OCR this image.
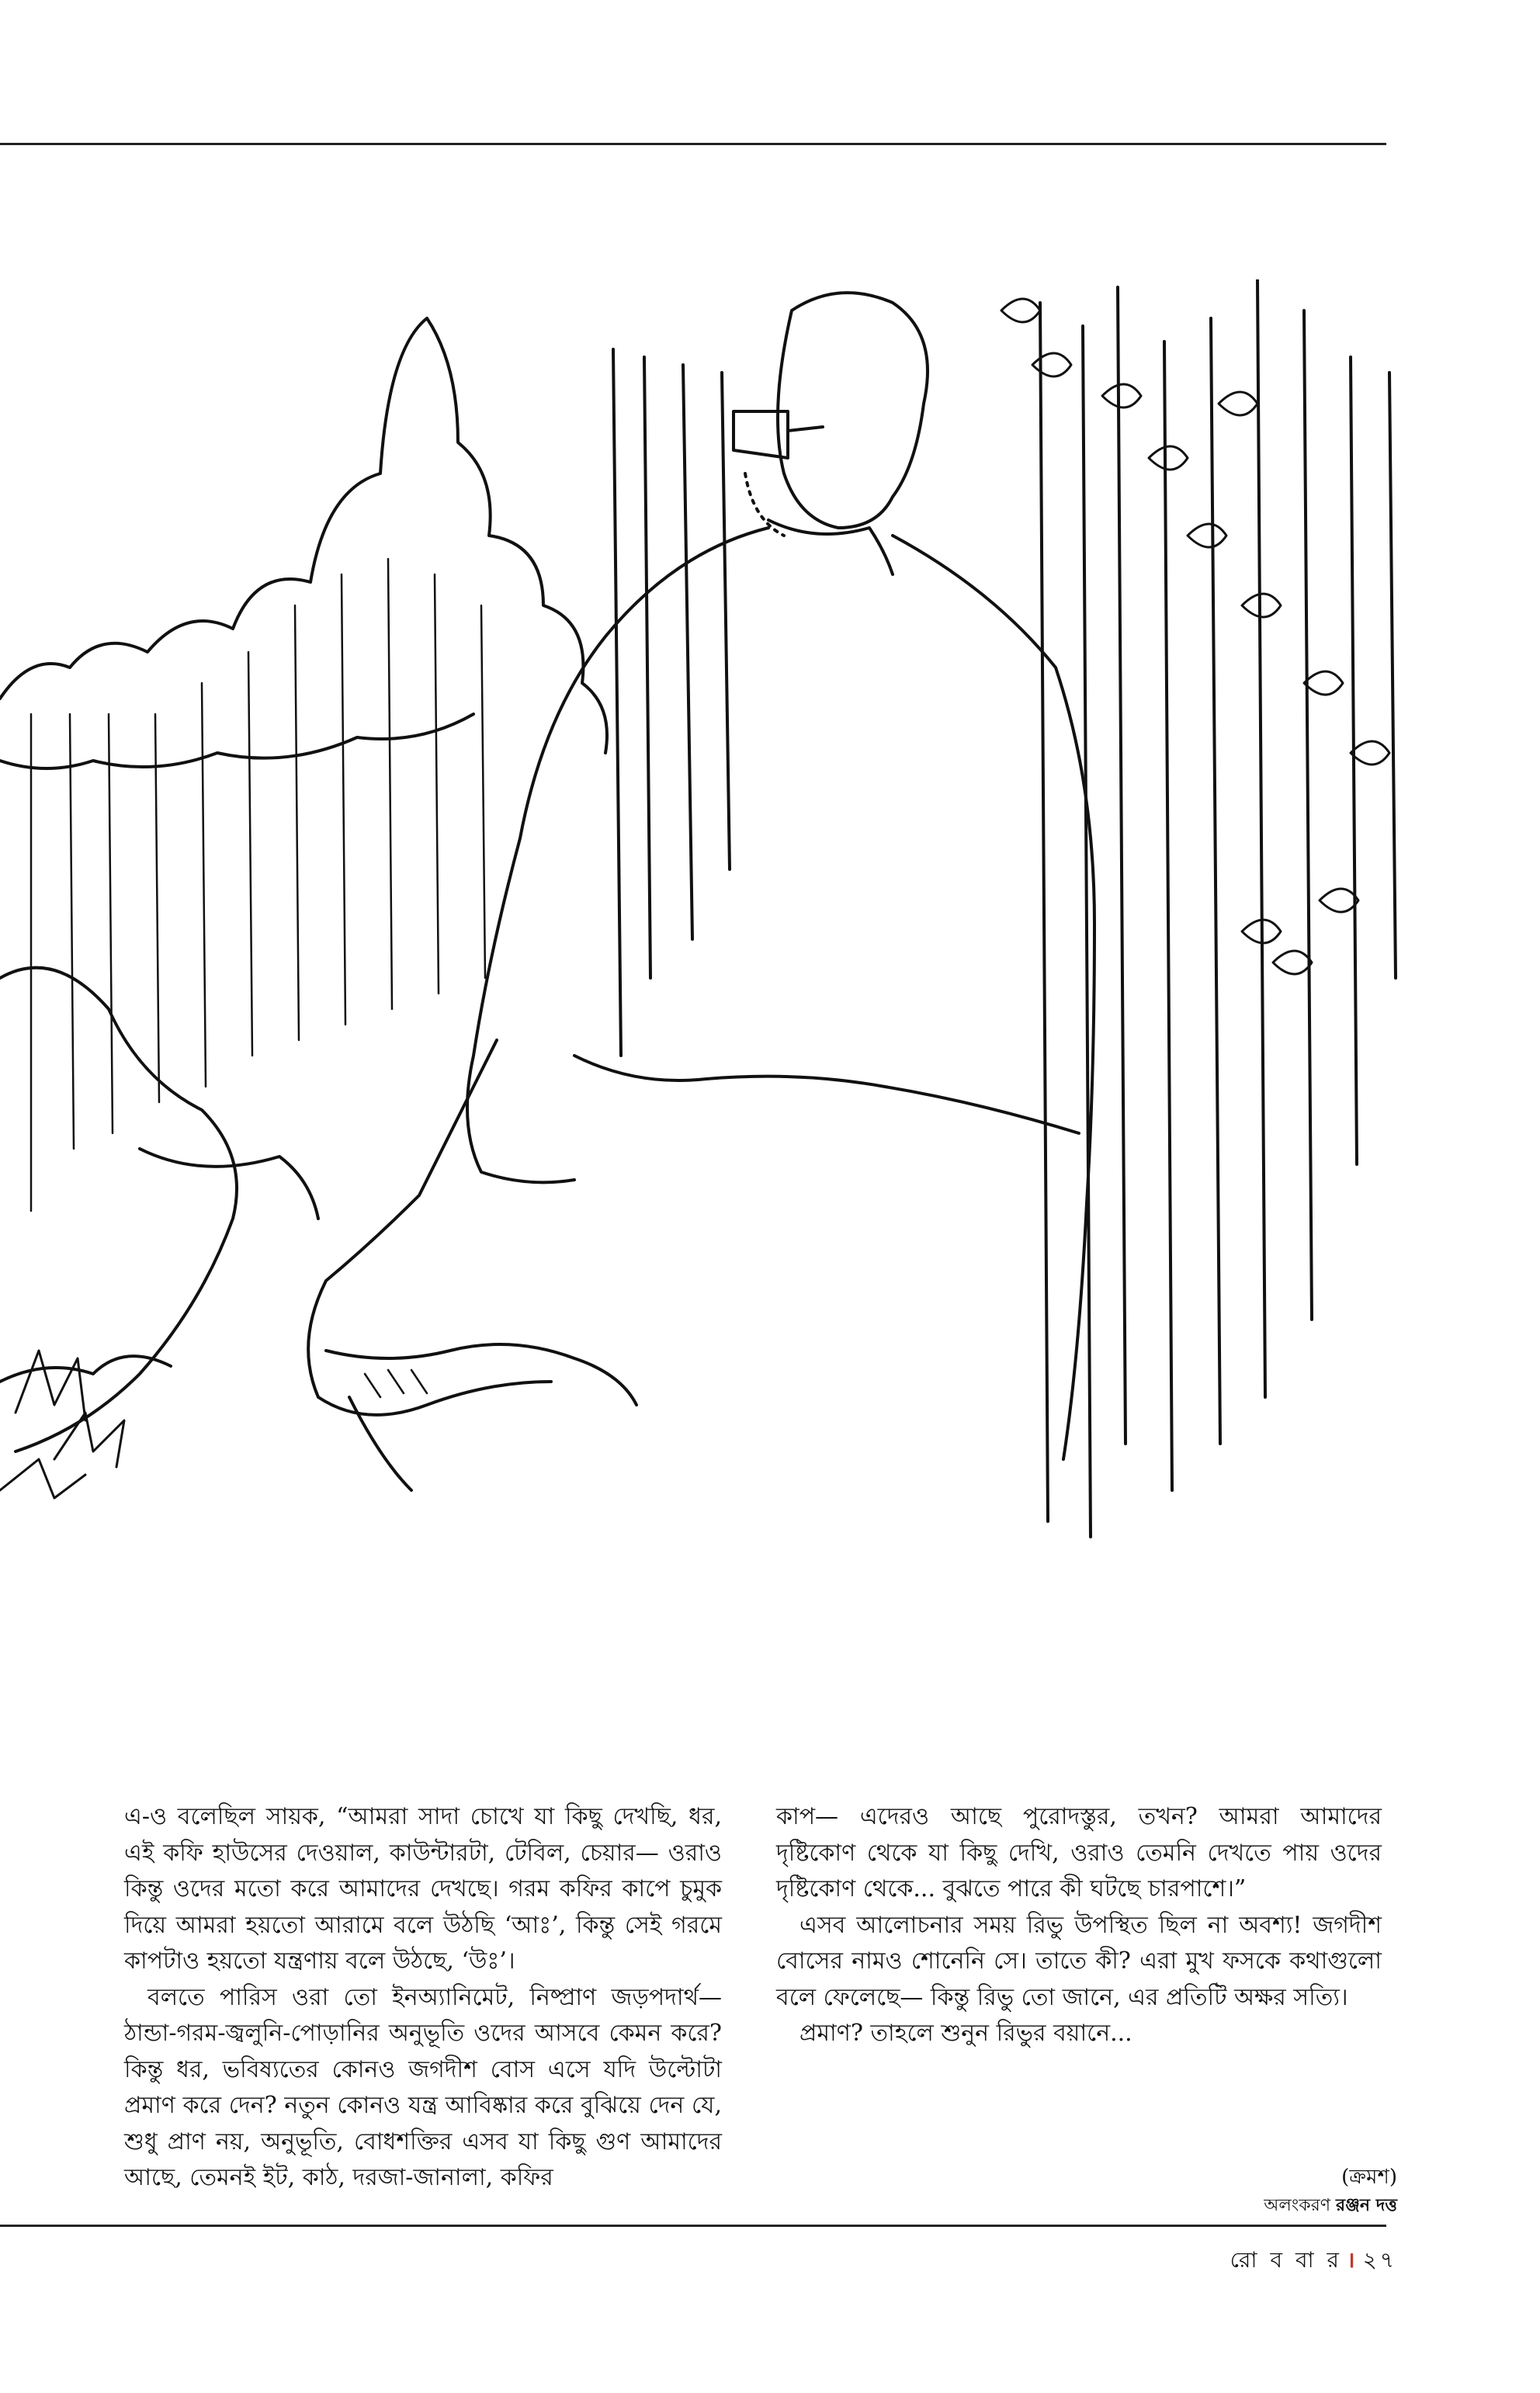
এ-ও বলেছিল সায়ক, “আমরা সাদা চোখে যা কিছু দেখছি, ধর, এই কফি হাউসের দেওয়াল, কাউন্টারটা, টেবিল, চেয়ার— ওরাও কিন্তু ওদের মতো করে আমাদের দেখছে। গরম কফির কাপে চুমুক দিয়ে আমরা হয়তো আরামে বলে উঠছি ‘আঃ’, কিন্তু সেই গরমে কাপটাও হয়তো যন্ত্রণায় বলে উঠছে, ‘উঃ’।

বলতে পারিস ওরা তো ইনঅ্যানিমেট, নিষ্প্রাণ জড়পদার্থ— ঠান্ডা-গরম-জ্বলুনি-পোড়ানির অনুভূতি ওদের আসবে কেমন করে? কিন্তু ধর, ভবিষ্যতের কোনও জগদীশ বোস এসে যদি উল্টোটা প্রমাণ করে দেন? নতুন কোনও যন্ত্র আবিষ্কার করে বুঝিয়ে দেন যে, শুধু প্রাণ নয়, অনুভূতি, বোধশক্তির এসব যা কিছু গুণ আমাদের আছে, তেমনই ইট, কাঠ, দরজা-জানালা, কফির

কাপ— এদেরও আছে পুরোদস্তুর, তখন? আমরা আমাদের দৃষ্টিকোণ থেকে যা কিছু দেখি, ওরাও তেমনি দেখতে পায় ওদের দৃষ্টিকোণ থেকে... বুঝতে পারে কী ঘটছে চারপাশে।”

এসব আলোচনার সময় রিভু উপস্থিত ছিল না অবশ্য! জগদীশ বোসের নামও শোনেনি সে। তাতে কী? এরা মুখ ফসকে কথাগুলো বলে ফেলেছে— কিন্তু রিভু তো জানে, এর প্রতিটি অক্ষর সত্যি।

প্রমাণ? তাহলে শুনুন রিভুর বয়ানে...

(ক্রমশ)
অলংকরণ রঞ্জন দত্ত
রো ব বা র । ২৭
